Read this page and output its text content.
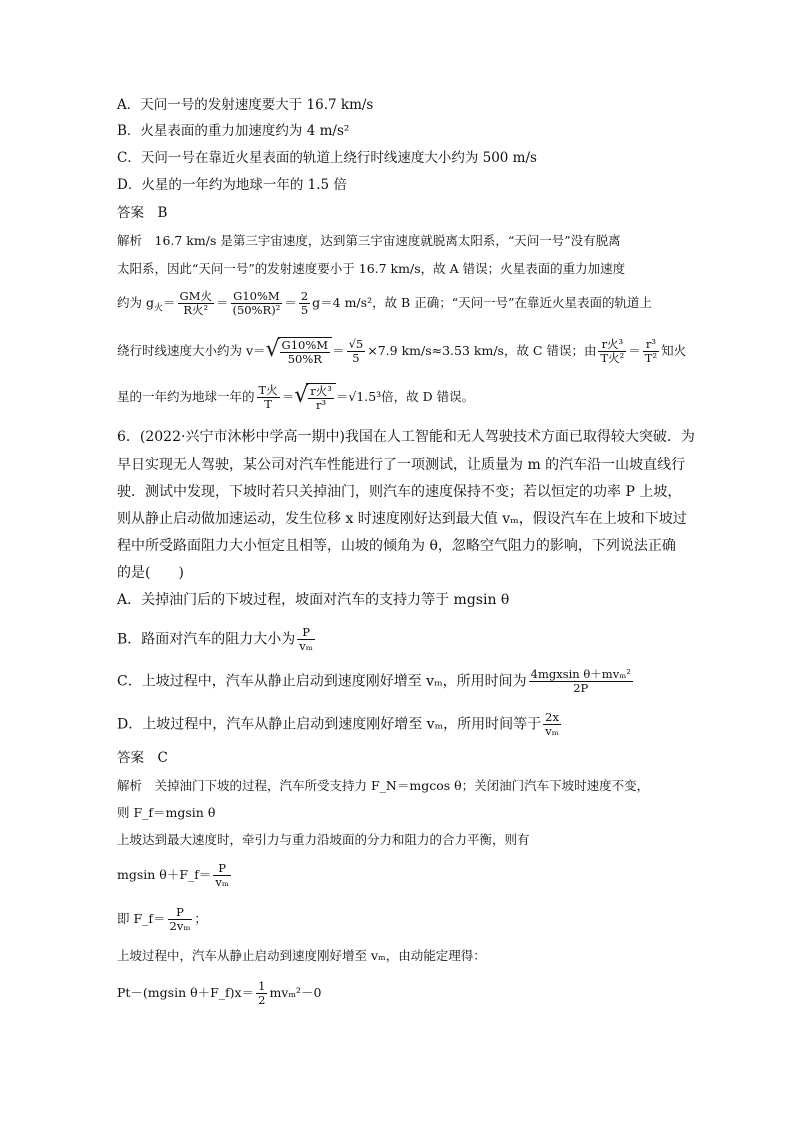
A．天问一号的发射速度要大于 16.7 km/s
B．火星表面的重力加速度约为 4 m/s²
C．天问一号在靠近火星表面的轨道上绕行时线速度大小约为 500 m/s
D．火星的一年约为地球一年的 1.5 倍
答案　B
解析　16.7 km/s 是第三宇宙速度，达到第三宇宙速度就脱离太阳系，“天问一号”没有脱离
太阳系，因此“天问一号”的发射速度要小于 16.7 km/s，故 A 错误；火星表面的重力加速度
约为 $g_火= \frac{\text{GM火}}{\text{R火²}} = \frac{G10\%M}{\text{(50\%R)²}} = \frac{2}{5} g=4$ m/s²，故 B 正确；“天问一号”在靠近火星表面的轨道上
绕行时线速度大小约为 v＝ √ $\frac{G10\%M}{50\%R} = \frac{√5}{5} \times 7.9$ km/s≈3.53 km/s，故 C 错误；由 $\frac{\text{r火³}}{\text{T火²}} = \frac{\text{r³}}{\text{T²}}$ 知火
星的一年约为地球一年的 $\frac{\text{T火}}{T}$ ＝ √ $\frac{\text{r火³}}{\text{r³}} =√1.5^3$倍，故 D 错误。
6．(2022·兴宁市沐彬中学高一期中)我国在人工智能和无人驾驶技术方面已取得较大突破．为
早日实现无人驾驶，某公司对汽车性能进行了一项测试，让质量为 m 的汽车沿一山坡直线行
驶．测试中发现，下坡时若只关掉油门，则汽车的速度保持不变；若以恒定的功率 P 上坡，
则从静止启动做加速运动，发生位移 x 时速度刚好达到最大值 vₘ，假设汽车在上坡和下坡过
程中所受路面阻力大小恒定且相等，山坡的倾角为 θ，忽略空气阻力的影响，下列说法正确
的是(　　)
A．关掉油门后的下坡过程，坡面对汽车的支持力等于 mgsin θ
B．路面对汽车的阻力大小为 $\frac{P}{\text{vₘ}}$
C．上坡过程中，汽车从静止启动到速度刚好增至 vₘ，所用时间为 $\frac{\text{4mgxsin θ＋mvₘ²}}{2P}$
D．上坡过程中，汽车从静止启动到速度刚好增至 vₘ，所用时间等于 $\frac{2x}{\text{vₘ}}$
答案　C
解析　关掉油门下坡的过程，汽车所受支持力 F_N＝mgcos θ；关闭油门汽车下坡时速度不变，
则 F_f＝mgsin θ
上坡达到最大速度时，牵引力与重力沿坡面的分力和阻力的合力平衡，则有
mgsin θ＋F_f＝ $\frac{P}{\text{vₘ}}$
即 F_f＝ $\frac{P}{\text{2vₘ}}$ ；
上坡过程中，汽车从静止启动到速度刚好增至 vₘ，由动能定理得：
Pt－(mgsin θ＋F_f)x＝ $\frac{1}{2} mv_m^2-0$
